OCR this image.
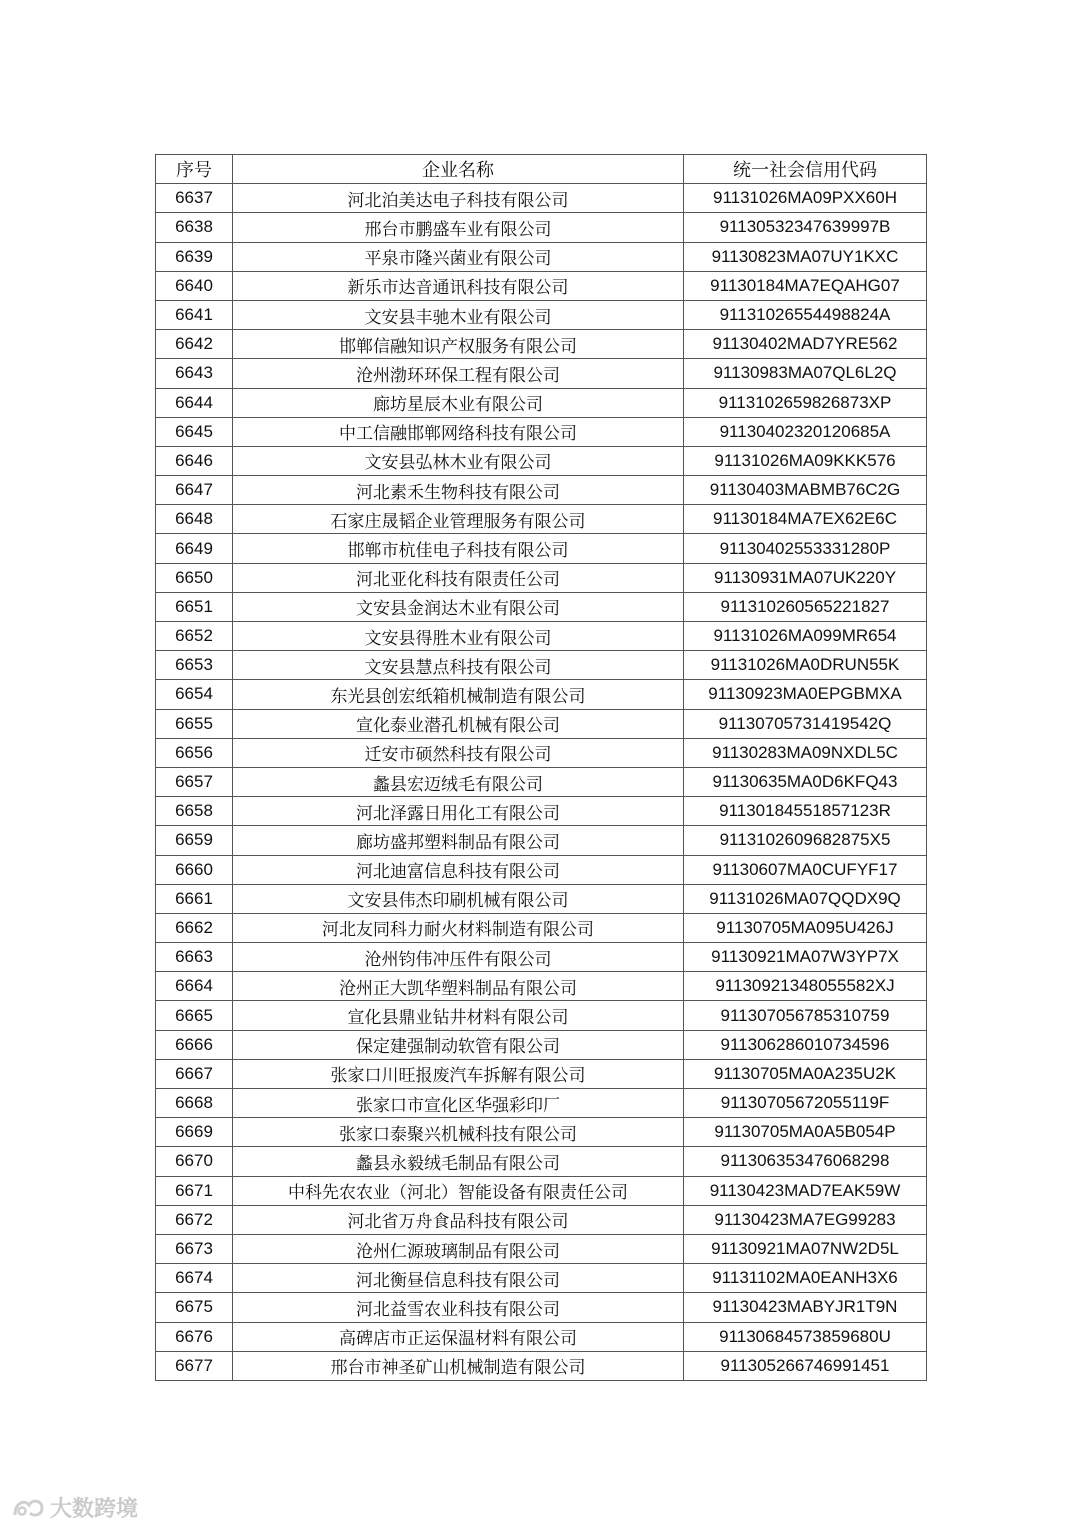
序号	企业名称	统一社会信用代码
6637	河北泊美达电子科技有限公司	91131026MA09PXX60H
6638	邢台市鹏盛车业有限公司	91130532347639997B
6639	平泉市隆兴菌业有限公司	91130823MA07UY1KXC
6640	新乐市达音通讯科技有限公司	91130184MA7EQAHG07
6641	文安县丰驰木业有限公司	91131026554498824A
6642	邯郸信融知识产权服务有限公司	91130402MAD7YRE562
6643	沧州渤环环保工程有限公司	91130983MA07QL6L2Q
6644	廊坊星辰木业有限公司	9113102659826873XP
6645	中工信融邯郸网络科技有限公司	91130402320120685A
6646	文安县弘林木业有限公司	91131026MA09KKK576
6647	河北素禾生物科技有限公司	91130403MABMB76C2G
6648	石家庄晟韬企业管理服务有限公司	91130184MA7EX62E6C
6649	邯郸市杭佳电子科技有限公司	91130402553331280P
6650	河北亚化科技有限责任公司	91130931MA07UK220Y
6651	文安县金润达木业有限公司	911310260565221827
6652	文安县得胜木业有限公司	91131026MA099MR654
6653	文安县慧点科技有限公司	91131026MA0DRUN55K
6654	东光县创宏纸箱机械制造有限公司	91130923MA0EPGBMXA
6655	宣化泰业潜孔机械有限公司	91130705731419542Q
6656	迁安市硕然科技有限公司	91130283MA09NXDL5C
6657	蠡县宏迈绒毛有限公司	91130635MA0D6KFQ43
6658	河北泽露日用化工有限公司	91130184551857123R
6659	廊坊盛邦塑料制品有限公司	9113102609682875X5
6660	河北迪富信息科技有限公司	91130607MA0CUFYF17
6661	文安县伟杰印刷机械有限公司	91131026MA07QQDX9Q
6662	河北友同科力耐火材料制造有限公司	91130705MA095U426J
6663	沧州钧伟冲压件有限公司	91130921MA07W3YP7X
6664	沧州正大凯华塑料制品有限公司	91130921348055582XJ
6665	宣化县鼎业钻井材料有限公司	911307056785310759
6666	保定建强制动软管有限公司	911306286010734596
6667	张家口川旺报废汽车拆解有限公司	91130705MA0A235U2K
6668	张家口市宣化区华强彩印厂	91130705672055119F
6669	张家口泰聚兴机械科技有限公司	91130705MA0A5B054P
6670	蠡县永毅绒毛制品有限公司	911306353476068298
6671	中科先农农业（河北）智能设备有限责任公司	91130423MAD7EAK59W
6672	河北省万舟食品科技有限公司	91130423MA7EG99283
6673	沧州仁源玻璃制品有限公司	91130921MA07NW2D5L
6674	河北衡昼信息科技有限公司	91131102MA0EANH3X6
6675	河北益雪农业科技有限公司	91130423MABYJR1T9N
6676	高碑店市正运保温材料有限公司	91130684573859680U
6677	邢台市神圣矿山机械制造有限公司	911305266746991451
大数跨境
